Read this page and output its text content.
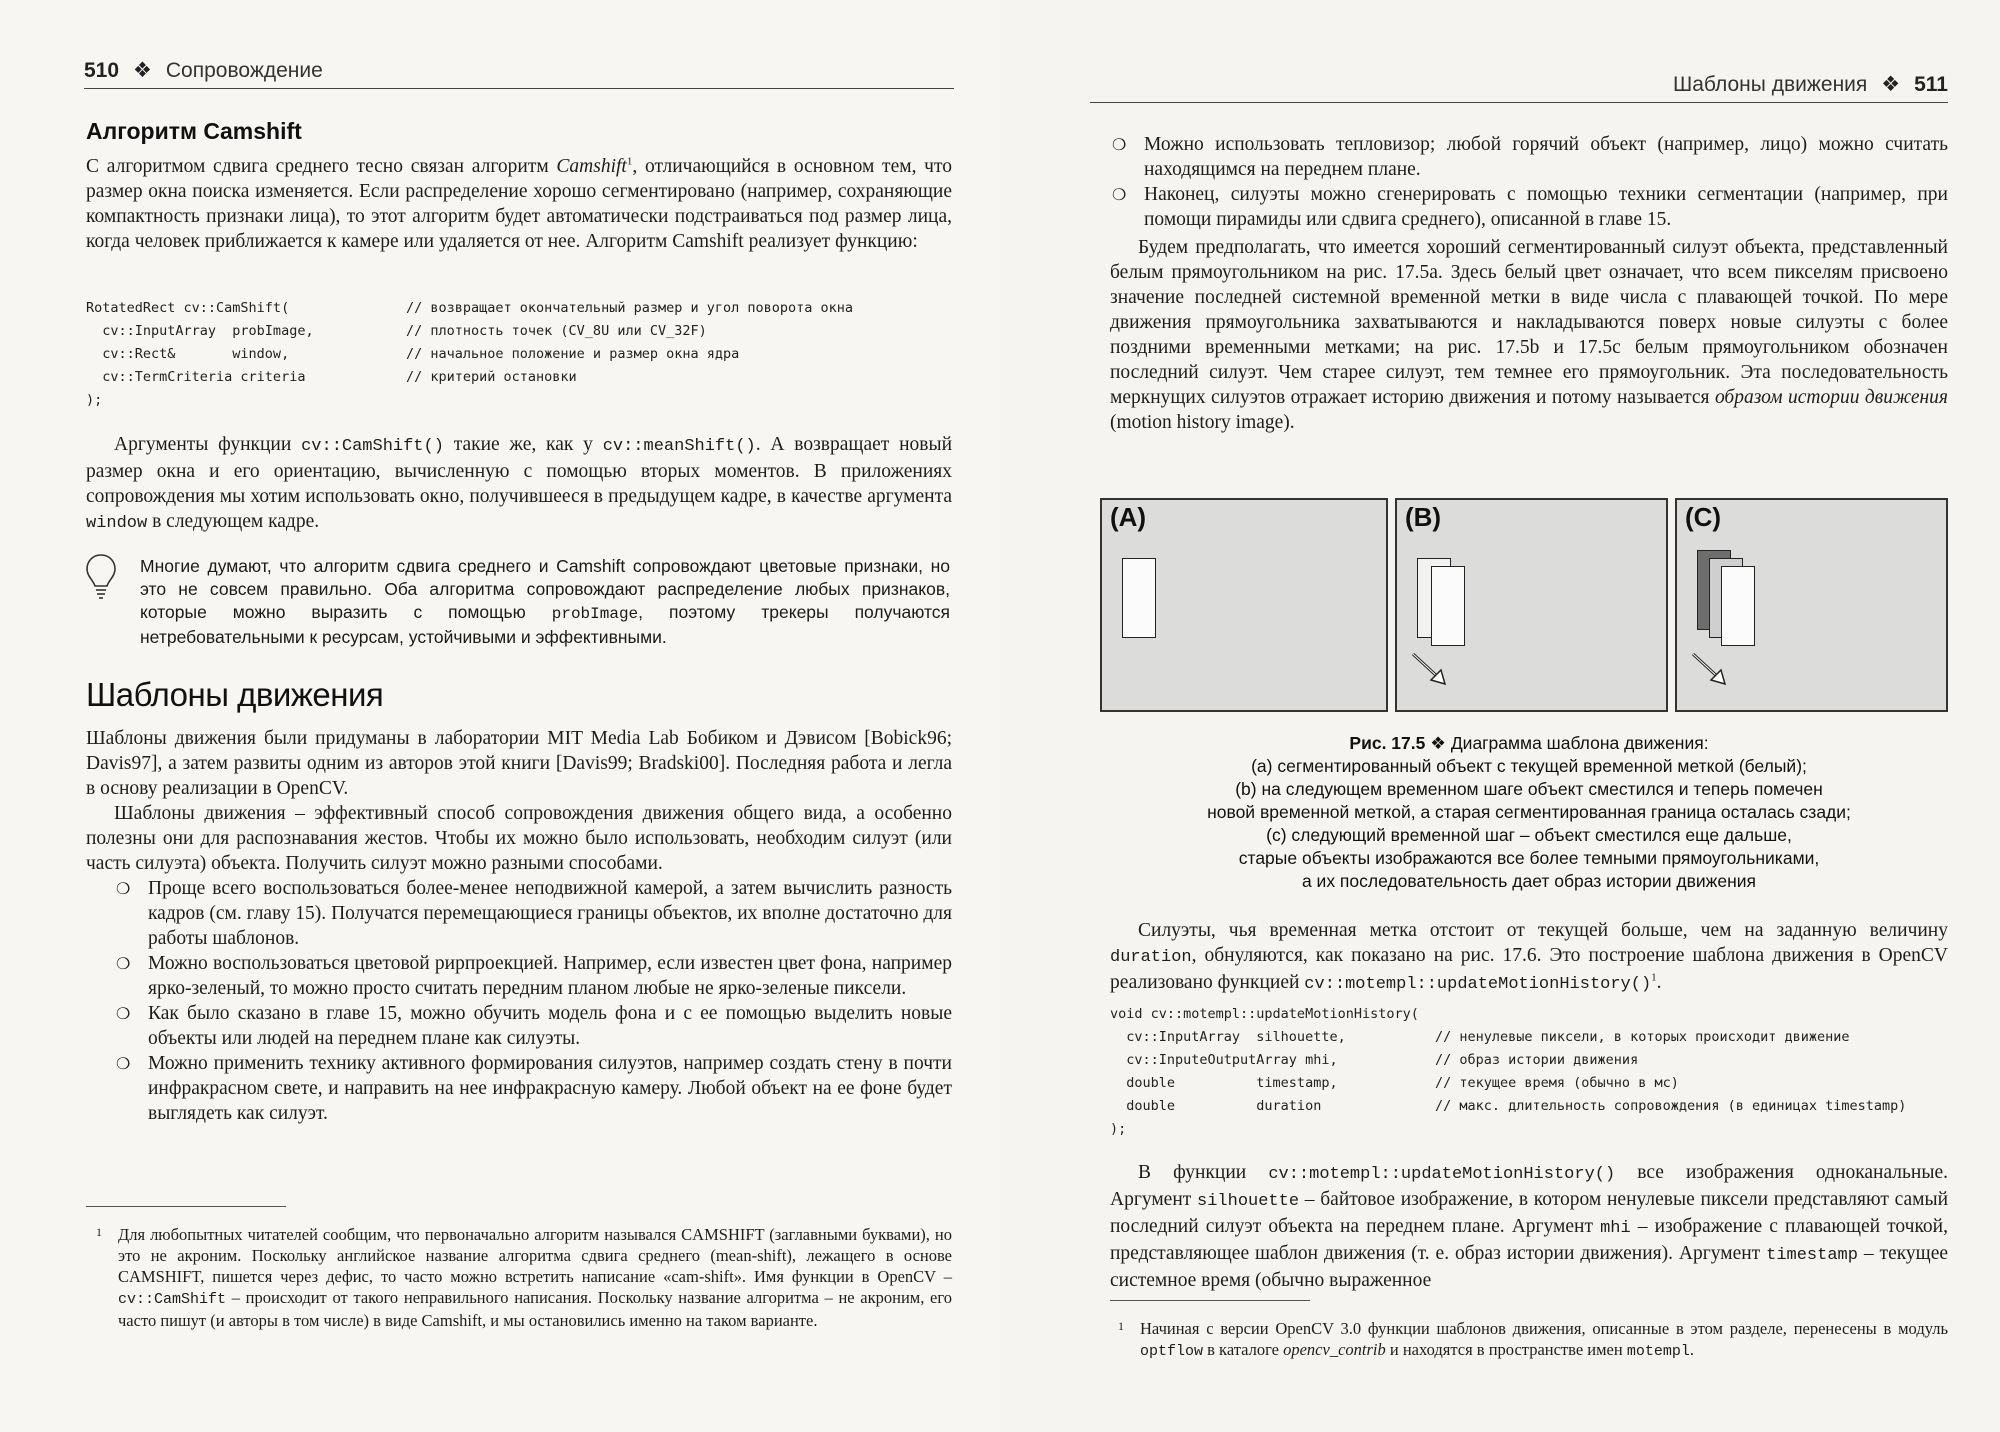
510 ❖ Сопровождение
Алгоритм Camshift

С алгоритмом сдвига среднего тесно связан алгоритм Camshift$^1$, отличающийся в основном тем, что размер окна поиска изменяется. Если распределение хорошо сегментировано (например, сохраняющие компактность признаки лица), то этот алгоритм будет автоматически подстраиваться под размер лица, когда человек приближается к камере или удаляется от нее. Алгоритм Camshift реализует функцию:

RotatedRect cv::CamShift(

	// возвращает окончательный размер и угол поворота окна

cv::InputArray  probImage,

	// плотность точек (CV_8U или CV_32F)

cv::Rect&       window,

	// начальное положение и размер окна ядра

cv::TermCriteria criteria

	// критерий остановки

);

Аргументы функции cv::CamShift() такие же, как у cv::meanShift(). А возвращает новый размер окна и его ориентацию, вычисленную с помощью вторых моментов. В приложениях сопровождения мы хотим использовать окно, получившееся в предыдущем кадре, в качестве аргумента window в следующем кадре.

Многие думают, что алгоритм сдвига среднего и Camshift сопровождают цветовые признаки, но это не совсем правильно. Оба алгоритма сопровождают распределение любых признаков, которые можно выразить с помощью probImage, поэтому трекеры получаются нетребовательными к ресурсам, устойчивыми и эффективными.
Шаблоны движения

Шаблоны движения были придуманы в лаборатории MIT Media Lab Бобиком и Дэвисом [Bobick96; Davis97], а затем развиты одним из авторов этой книги [Davis99; Bradski00]. Последняя работа и легла в основу реализации в OpenCV.

Шаблоны движения – эффективный способ сопровождения движения общего вида, а особенно полезны они для распознавания жестов. Чтобы их можно было использовать, необходим силуэт (или часть силуэта) объекта. Получить силуэт можно разными способами.

❍ Проще всего воспользоваться более-менее неподвижной камерой, а затем вычислить разность кадров (см. главу 15). Получатся перемещающиеся границы объектов, их вполне достаточно для работы шаблонов.
❍ Можно воспользоваться цветовой рирпроекцией. Например, если известен цвет фона, например ярко-зеленый, то можно просто считать передним планом любые не ярко-зеленые пиксели.
❍ Как было сказано в главе 15, можно обучить модель фона и с ее помощью выделить новые объекты или людей на переднем плане как силуэты.
❍ Можно применить технику активного формирования силуэтов, например создать стену в почти инфракрасном свете, и направить на нее инфракрасную камеру. Любой объект на ее фоне будет выглядеть как силуэт.
1 Для любопытных читателей сообщим, что первоначально алгоритм назывался CAMSHIFT (заглавными буквами), но это не акроним. Поскольку английское название алгоритма сдвига среднего (mean-shift), лежащего в основе CAMSHIFT, пишется через дефис, то часто можно встретить написание «cam-shift». Имя функции в OpenCV – cv::CamShift – происходит от такого неправильного написания. Поскольку название алгоритма – не акроним, его часто пишут (и авторы в том числе) в виде Camshift, и мы остановились именно на таком варианте.
Шаблоны движения ❖ 511
❍ Можно использовать тепловизор; любой горячий объект (например, лицо) можно считать находящимся на переднем плане.
❍ Наконец, силуэты можно сгенерировать с помощью техники сегментации (например, при помощи пирамиды или сдвига среднего), описанной в главе 15.

Будем предполагать, что имеется хороший сегментированный силуэт объекта, представленный белым прямоугольником на рис. 17.5a. Здесь белый цвет означает, что всем пикселям присвоено значение последней системной временной метки в виде числа с плавающей точкой. По мере движения прямоугольника захватываются и накладываются поверх новые силуэты с более поздними временными метками; на рис. 17.5b и 17.5c белым прямоугольником обозначен последний силуэт. Чем старее силуэт, тем темнее его прямоугольник. Эта последовательность меркнущих силуэтов отражает историю движения и потому называется образом истории движения (motion history image).

(A)	(B)	(C)
Рис. 17.5 ❖ Диаграмма шаблона движения:
(a) сегментированный объект с текущей временной меткой (белый);
(b) на следующем временном шаге объект сместился и теперь помечен
новой временной меткой, а старая сегментированная граница осталась сзади;
(c) следующий временной шаг – объект сместился еще дальше,
старые объекты изображаются все более темными прямоугольниками,
а их последовательность дает образ истории движения

Силуэты, чья временная метка отстоит от текущей больше, чем на заданную величину duration, обнуляются, как показано на рис. 17.6. Это построение шаблона движения в OpenCV реализовано функцией cv::motempl::updateMotionHistory()$^1$.

void cv::motempl::updateMotionHistory(

cv::InputArray  silhouette,

	// ненулевые пиксели, в которых происходит движение

cv::InputeOutputArray mhi,

	// образ истории движения

double          timestamp,

	// текущее время (обычно в мс)

double          duration

	// макс. длительность сопровождения (в единицах timestamp)

);

В функции cv::motempl::updateMotionHistory() все изображения одноканальные. Аргумент silhouette – байтовое изображение, в котором ненулевые пиксели представляют самый последний силуэт объекта на переднем плане. Аргумент mhi – изображение с плавающей точкой, представляющее шаблон движения (т. е. образ истории движения). Аргумент timestamp – текущее системное время (обычно выраженное

1 Начиная с версии OpenCV 3.0 функции шаблонов движения, описанные в этом разделе, перенесены в модуль optflow в каталоге opencv_contrib и находятся в пространстве имен motempl.
